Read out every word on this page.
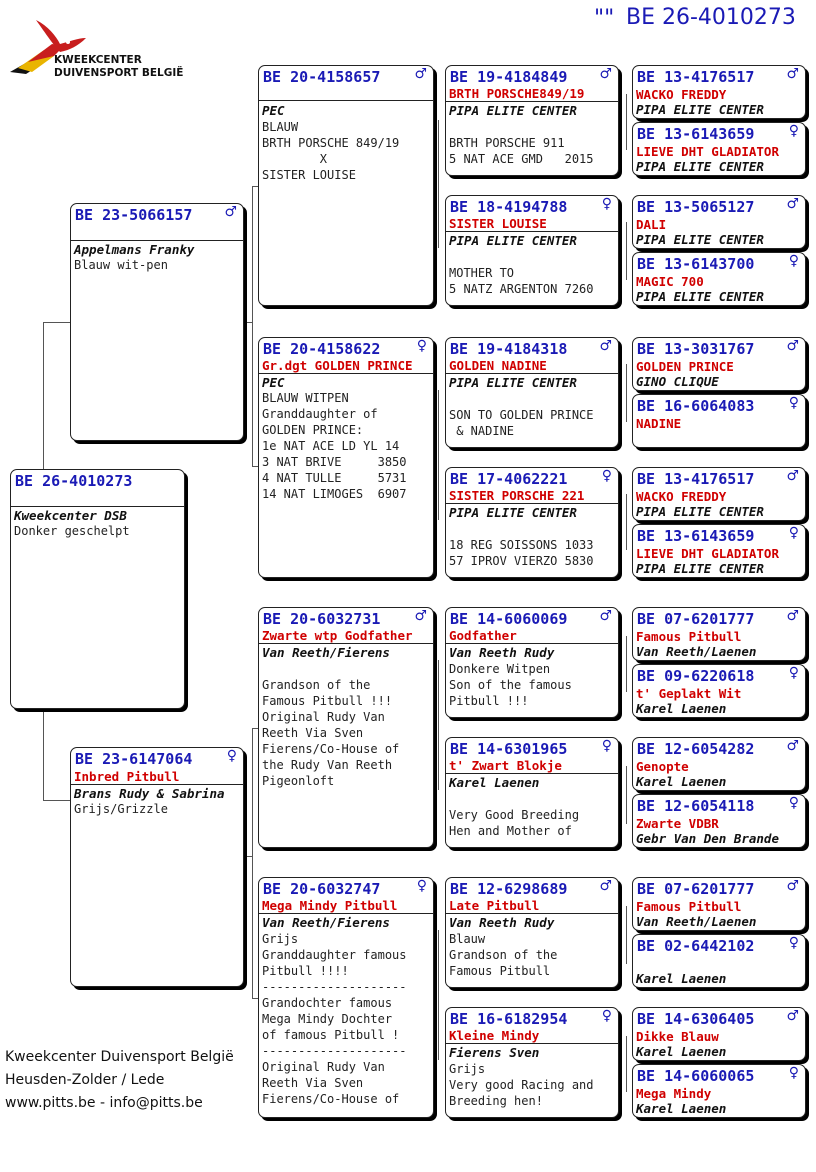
"" BE 26-4010273
KWEEKCENTER
DUIVENSPORT BELGIË
BE 26-4010273
Kweekcenter DSB
Donker geschelpt
BE 23-5066157 ♂
Appelmans Franky
Blauw wit-pen
BE 23-6147064 ♀
Inbred Pitbull
Brans Rudy & Sabrina
Grijs/Grizzle
BE 20-4158657 ♂
PEC
BLAUW
BRTH PORSCHE 849/19
X
SISTER LOUISE
BE 20-4158622	♀
Gr.dgt GOLDEN PRINCE
PEC
BLAUW WITPEN
Granddaughter of
GOLDEN PRINCE:
1e NAT ACE LD YL 14
3 NAT BRIVE     3850
4 NAT TULLE     5731
14 NAT LIMOGES  6907
BE 20-6032731 ♂
Zwarte wtp Godfather
Van Reeth/Fierens

Grandson of the
Famous Pitbull !!!
Original Rudy Van
Reeth Via Sven
Fierens/Co-House of
the Rudy Van Reeth
Pigeonloft
BE 20-6032747	♀
Mega Mindy Pitbull
Van Reeth/Fierens
Grijs
Granddaughter famous
Pitbull !!!!
--------------------
Grandochter famous
Mega Mindy Dochter
of famous Pitbull !
--------------------
Original Rudy Van
Reeth Via Sven
Fierens/Co-House of
BE 19-4184849 ♂
BRTH PORSCHE849/19
PIPA ELITE CENTER

BRTH PORSCHE 911
5 NAT ACE GMD   2015
BE 18-4194788 ♀
SISTER LOUISE
PIPA ELITE CENTER

MOTHER TO
5 NATZ ARGENTON 7260
BE 19-4184318 ♂
GOLDEN NADINE
PIPA ELITE CENTER

SON TO GOLDEN PRINCE
& NADINE
BE 17-4062221 ♀
SISTER PORSCHE 221
PIPA ELITE CENTER

18 REG SOISSONS 1033
57 IPROV VIERZO 5830
BE 14-6060069 ♂
Godfather
Van Reeth Rudy
Donkere Witpen
Son of the famous
Pitbull !!!
BE 14-6301965 ♀
t' Zwart Blokje
Karel Laenen

Very Good Breeding
Hen and Mother of
BE 12-6298689 ♂
Late Pitbull
Van Reeth Rudy
Blauw
Grandson of the
Famous Pitbull
BE 16-6182954 ♀
Kleine Mindy
Fierens Sven
Grijs
Very good Racing and
Breeding hen!
BE 13-4176517 ♂
WACKO FREDDY
PIPA ELITE CENTER
BE 13-6143659 ♀
LIEVE DHT GLADIATOR
PIPA ELITE CENTER
BE 13-5065127 ♂
DALI
PIPA ELITE CENTER
BE 13-6143700 ♀
MAGIC 700
PIPA ELITE CENTER
BE 13-3031767 ♂
GOLDEN PRINCE
GINO CLIQUE
BE 16-6064083 ♀
NADINE
BE 13-4176517 ♂
WACKO FREDDY
PIPA ELITE CENTER
BE 13-6143659 ♀
LIEVE DHT GLADIATOR
PIPA ELITE CENTER
BE 07-6201777 ♂
Famous Pitbull
Van Reeth/Laenen
BE 09-6220618 ♀
t' Geplakt Wit
Karel Laenen
BE 12-6054282 ♂
Genopte
Karel Laenen
BE 12-6054118 ♀
Zwarte VDBR
Gebr Van Den Brande
BE 07-6201777 ♂
Famous Pitbull
Van Reeth/Laenen
BE 02-6442102 ♀
Karel Laenen
BE 14-6306405 ♂
Dikke Blauw
Karel Laenen
BE 14-6060065 ♀
Mega Mindy
Karel Laenen
Kweekcenter Duivensport België
Heusden-Zolder / Lede
www.pitts.be - info@pitts.be
